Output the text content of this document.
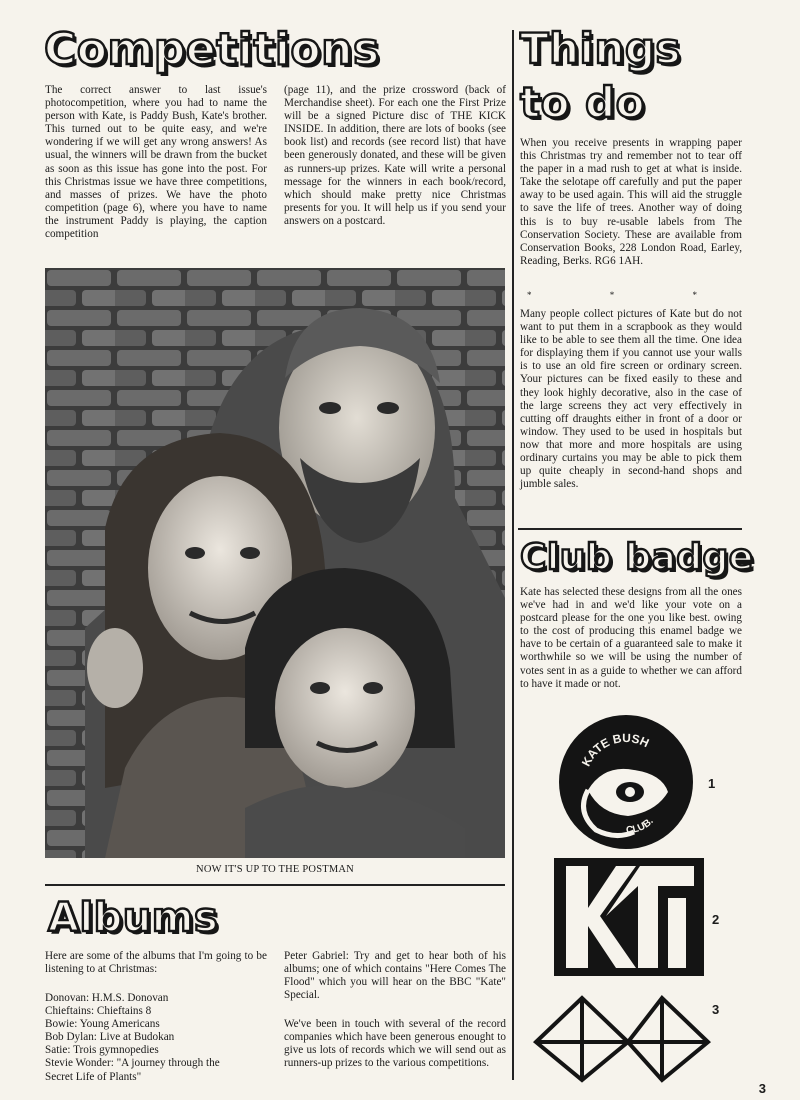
Competitions

The correct answer to last issue's photocompetition, where you had to name the person with Kate, is Paddy Bush, Kate's brother. This turned out to be quite easy, and we're wondering if we will get any wrong answers! As usual, the winners will be drawn from the bucket as soon as this issue has gone into the post. For this Christmas issue we have three competitions, and masses of prizes. We have the photo competition (page 6), where you have to name the instrument Paddy is playing, the caption competition

(page 11), and the prize crossword (back of Merchandise sheet). For each one the First Prize will be a signed Picture disc of THE KICK INSIDE. In addition, there are lots of books (see book list) and records (see record list) that have been generously donated, and these will be given as runners-up prizes. Kate will write a personal message for the winners in each book/record, which should make pretty nice Christmas presents for you. It will help us if you send your answers on a postcard.

NOW IT'S UP TO THE POSTMAN
Things
to do

When you receive presents in wrapping paper this Christmas try and remember not to tear off the paper in a mad rush to get at what is inside. Take the selotape off carefully and put the paper away to be used again. This will aid the struggle to save the life of trees. Another way of doing this is to buy re-usable labels from The Conservation Society. These are available from Conservation Books, 228 London Road, Earley, Reading, Berks. RG6 1AH.

* * *

Many people collect pictures of Kate but do not want to put them in a scrapbook as they would like to be able to see them all the time. One idea for displaying them if you cannot use your walls is to use an old fire screen or ordinary screen. Your pictures can be fixed easily to these and they look highly decorative, also in the case of the large screens they act very effectively in cutting off draughts either in front of a door or window. They used to be used in hospitals but now that more and more hospitals are using ordinary curtains you may be able to pick them up quite cheaply in second-hand shops and jumble sales.

Club badge

Kate has selected these designs from all the ones we've had in and we'd like your vote on a postcard please for the one you like best. owing to the cost of producing this enamel badge we have to be certain of a guaranteed sale to make it worthwhile so we will be using the number of votes sent in as a guide to whether we can afford to have it made or not.

KATE BUSH
CLUB.
1
2
3
Albums

Here are some of the albums that I'm going to be listening to at Christmas:

Donovan: H.M.S. Donovan
Chieftains: Chieftains 8
Bowie: Young Americans
Bob Dylan: Live at Budokan
Satie: Trois gymnopedies
Stevie Wonder: "A journey through the
Secret Life of Plants"

Peter Gabriel: Try and get to hear both of his albums; one of which contains "Here Comes The Flood" which you will hear on the BBC "Kate" Special.

We've been in touch with several of the record companies which have been generous enought to give us lots of records which we will send out as runners-up prizes to the various competitions.

3
